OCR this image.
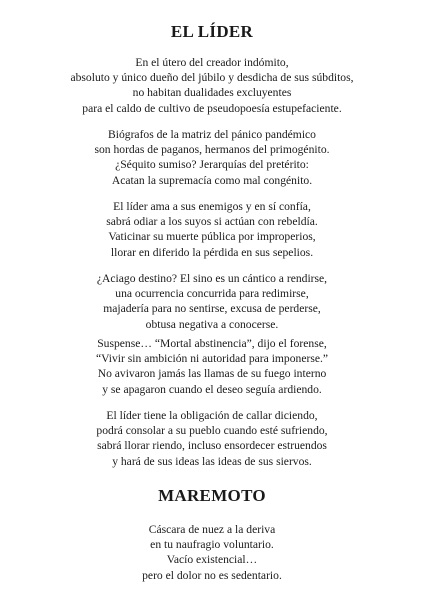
EL LÍDER
En el útero del creador indómito,
absoluto y único dueño del júbilo y desdicha de sus súbditos,
no habitan dualidades excluyentes
para el caldo de cultivo de pseudopoesía estupefaciente.
Biógrafos de la matriz del pánico pandémico
son hordas de paganos, hermanos del primogénito.
¿Séquito sumiso? Jerarquías del pretérito:
Acatan la supremacía como mal congénito.
El líder ama a sus enemigos y en sí confía,
sabrá odiar a los suyos si actúan con rebeldía.
Vaticinar su muerte pública por improperios,
llorar en diferido la pérdida en sus sepelios.
¿Aciago destino? El sino es un cántico a rendirse,
una ocurrencia concurrida para redimirse,
majadería para no sentirse, excusa de perderse,
obtusa negativa a conocerse.
Suspense… “Mortal abstinencia”, dijo el forense,
“Vivir sin ambición ni autoridad para imponerse.”
No avivaron jamás las llamas de su fuego interno
y se apagaron cuando el deseo seguía ardiendo.
El líder tiene la obligación de callar diciendo,
podrá consolar a su pueblo cuando esté sufriendo,
sabrá llorar riendo, incluso ensordecer estruendos
y hará de sus ideas las ideas de sus siervos.
MAREMOTO
Cáscara de nuez a la deriva
en tu naufragio voluntario.
Vacío existencial…
pero el dolor no es sedentario.
